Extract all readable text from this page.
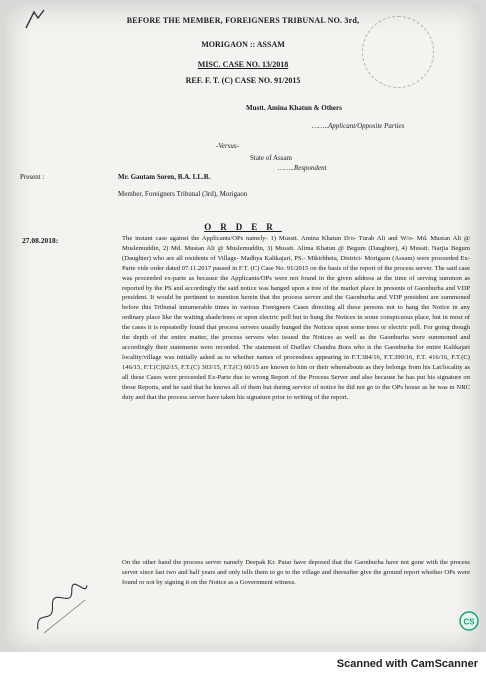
BEFORE THE MEMBER, FOREIGNERS TRIBUNAL NO. 3rd,
MORIGAON :: ASSAM
MISC. CASE NO. 13/2018
REF. F. T. (C) CASE NO. 91/2015
Mustt. Amina Khatun & Others
……..Applicant/Opposite Parties
-Versus-
State of Assam
……..Respondent
Present :	Mr. Gautam Soren, B.A. LL.B.
Member, Foreigners Tribunal (3rd), Morigaon
ORDER
27.08.2018:	The instant case against the Applicants/OPs namely- 1) Musstt. Amina Khatun D/o- Turab Ali and W/o- Md. Mustan Ali @ Muslemuddin, 2) Md. Mustan Ali @ Muslemuddin, 3) Musstt. Alima Khatun @ Begum (Daughter), 4) Musstt. Narjia Begum (Daughter) who are all residents of Village- Madhya Kalikajari, PS.- Mikirbheta, District- Morigaon (Assam) were proceeded Ex-Parte vide order dated 07.11.2017 passed in F.T. (C) Case No. 91/2015 on the basis of the report of the process server. The said case was proceeded ex-parte as because the Applicants/OPs were not found in the given address at the time of serving summon as reported by the PS and accordingly the said notice was hanged upon a tree of the market place in presents of Gaonburha and VDP president. It would be pertinent to mention herein that the process server and the Gaonburha and VDP president are summoned before this Tribunal innumerable times in various Foreigners Cases directing all these persons not to hang the Notice in any ordinary place like the waiting shade/trees or upon electric poll but to hung the Notices in some conspicuous place, but in most of the cases it is repeatedly found that process servers usually hunged the Notices upon some trees or electric poll. For going though the depth of the entire matter, the process servers who issued the Notices as well as the Gaonburha were summoned and accordingly their statements were recorded. The statement of Durllav Chandra Bora who is the Gaonburha for entire Kalikajari locality/village was initially asked as to whether names of proceedees appearing in F.T.384/16, F.T.390/16, F.T. 416/16, F.T.(C) 146/15, F.T.(C)92/15, F.T.(C) 303/15, F.T.(C) 60/15 are known to him or their whereabouts as they belongs from his Lat/locality as all these Cases were proceeded Ex-Parte due to wrong Report of the Process Server and also because he has put his signature on those Reports, and he said that he knows all of them but during service of notice he did not go to the OPs house as he was in NRC duty and that the process server have taken his signature prior to writing of the report.
On the other hand the process server namely Deepak Kr. Patar have deposed that the Gaonburha have not gone with the process server since last two and half years and only tells them to go to the village and thereafter give the ground report whether OPs were found or not by signing it on the Notice as a Government witness.
CS
Scanned with CamScanner
